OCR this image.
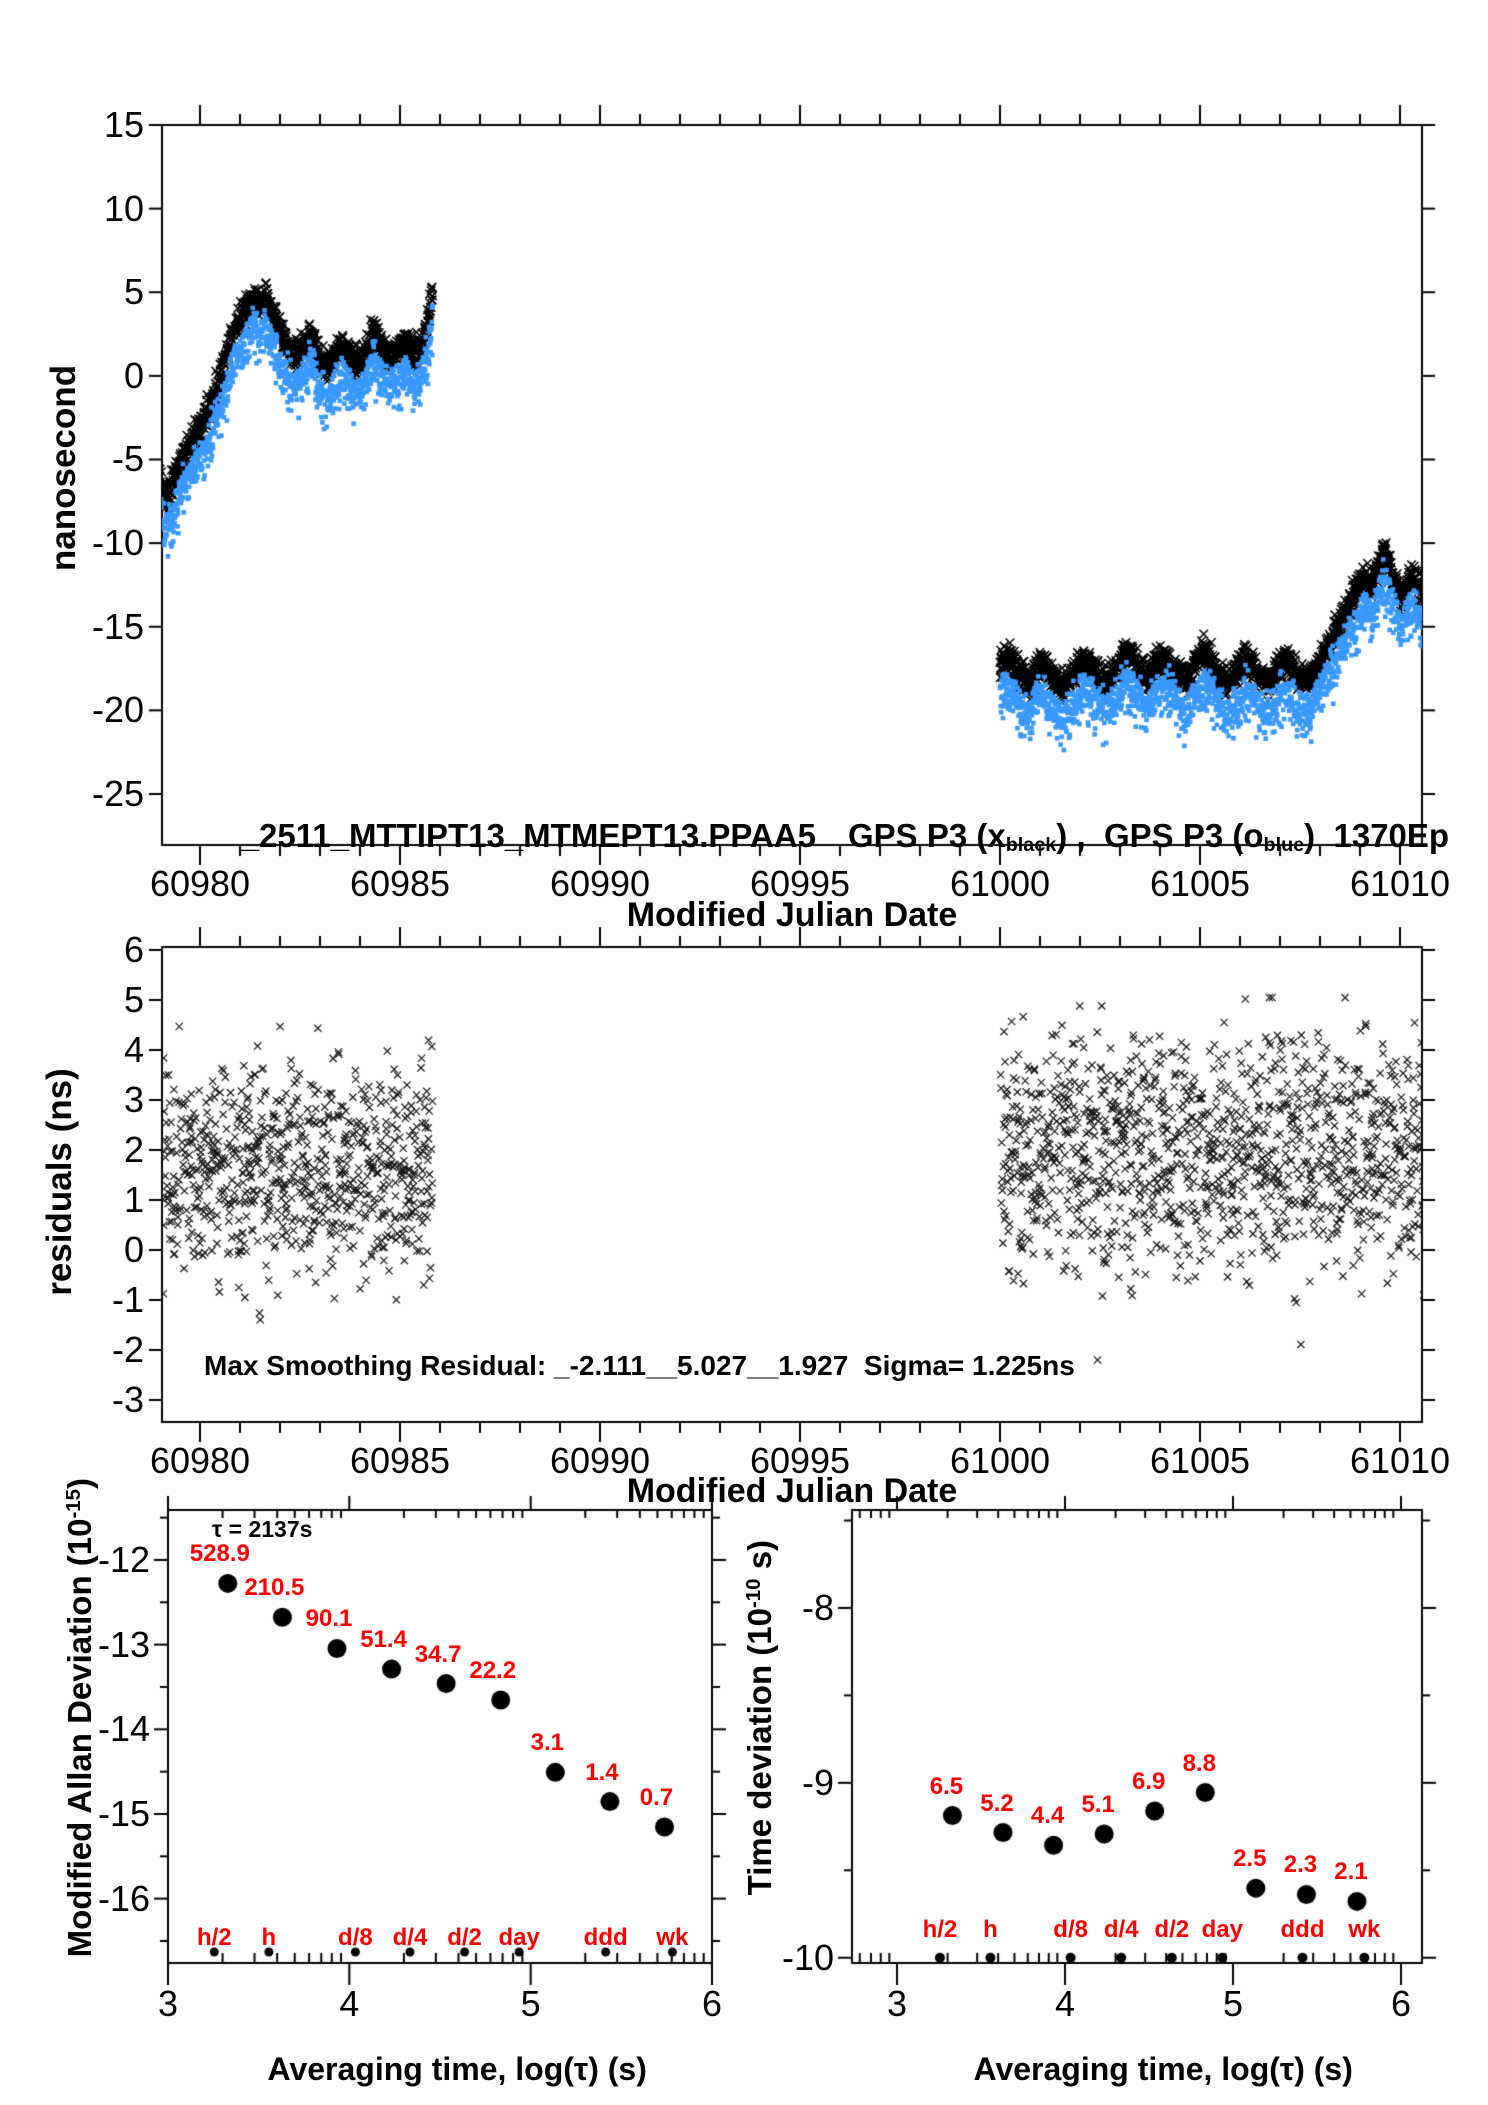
nanosecond
15
10
5
0
-5
-10
-15
-20
-25
60980	60985	60990	60995	61000	61005	61010
Modified Julian Date

_2511_MTTIPT13_MTMEPT13.PPAA5 GPS P3 (xblack) ,  GPS P3 (oblue)  1370Ep

residuals (ns)
6
5
4
3
2
1
0
-1
-2
-3
60980	60985	60990	60995	61000	61005	61010
Modified Julian Date
Max Smoothing Residual: _-2.111__5.027__1.927  Sigma= 1.225ns

Modified Allan Deviation $(10^{-15})$

-12
-13
-14
-15
-16
3	4	5	6

Averaging time, log(τ) (s)

τ = 2137s
528.9
210.5
90.1
51.4
34.7
22.2
3.1
1.4
0.7
h/2 h	d/8 d/4 d/2 day ddd wk

Time deviation ($10^{-10}$ s)

-8
-9
-10
3	4	5	6

Averaging time, log(τ) (s)

6.5
5.2 4.4 5.1
6.9
8.8
2.5 2.3 2.1
h/2 h d/8 d/4 d/2 day ddd wk
